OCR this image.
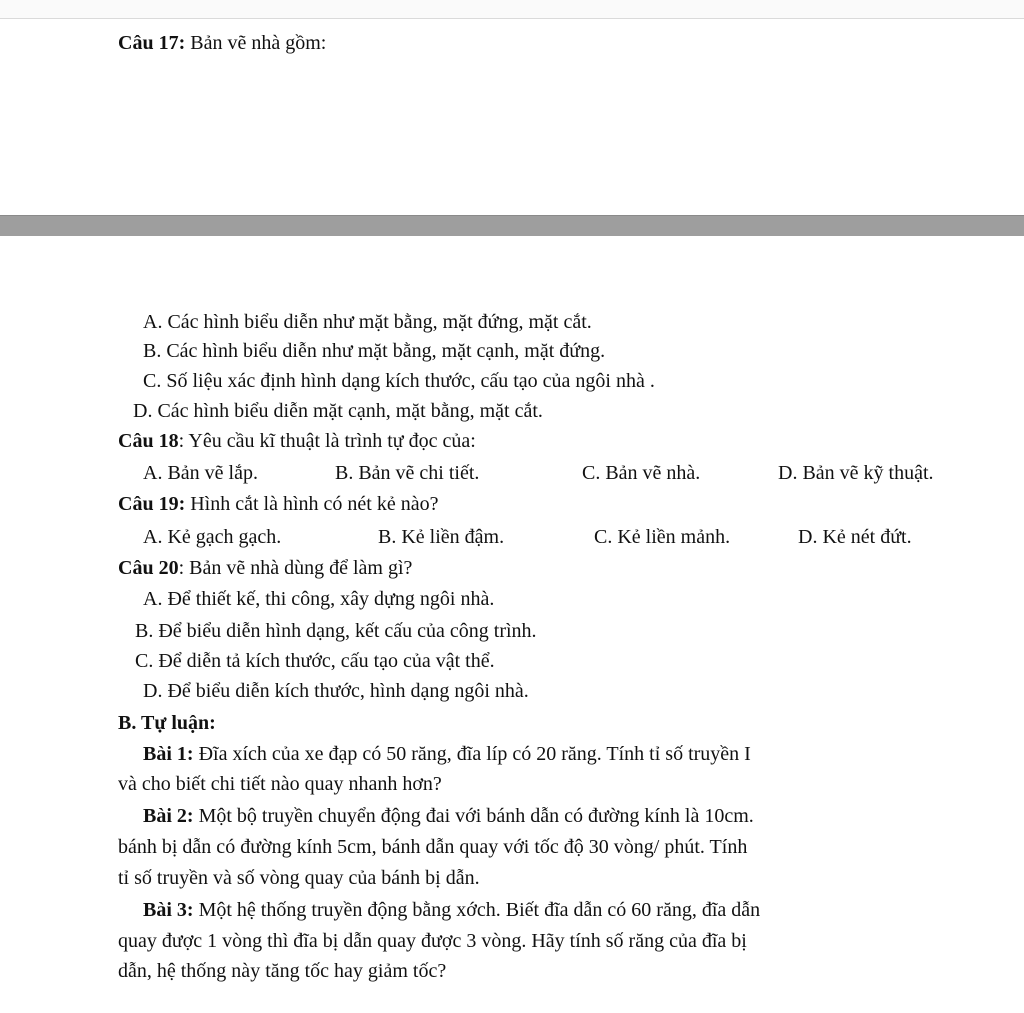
Câu 17: Bản vẽ nhà gồm:
A. Các hình biểu diễn như mặt bằng, mặt đứng, mặt cắt.
B. Các hình biểu diễn như mặt bằng, mặt cạnh, mặt đứng.
C. Số liệu xác định hình dạng kích thước, cấu tạo của ngôi nhà .
D. Các hình biểu diễn mặt cạnh, mặt bằng, mặt cắt.
Câu 18: Yêu cầu kĩ thuật là trình tự đọc của:
A. Bản vẽ lắp.	B. Bản vẽ chi tiết.	C. Bản vẽ nhà.	D. Bản vẽ kỹ thuật.
Câu 19: Hình cắt là hình có nét kẻ nào?
A. Kẻ gạch gạch.	B. Kẻ liền đậm.	C. Kẻ liền mảnh.	D. Kẻ nét đứt.
Câu 20: Bản vẽ nhà dùng để làm gì?
A. Để thiết kế, thi công, xây dựng ngôi nhà.
B. Để biểu diễn hình dạng, kết cấu của công trình.
C. Để diễn tả kích thước, cấu tạo của vật thể.
D. Để biểu diễn kích thước, hình dạng ngôi nhà.
B. Tự luận:
Bài 1: Đĩa xích của xe đạp có 50 răng, đĩa líp có 20 răng. Tính tỉ số truyền I
và cho biết chi tiết nào quay nhanh hơn?
Bài 2: Một bộ truyền chuyển động đai với bánh dẫn có đường kính là 10cm.
bánh bị dẫn có đường kính 5cm, bánh dẫn quay với tốc độ 30 vòng/ phút. Tính
tỉ số truyền và số vòng quay của bánh bị dẫn.
Bài 3: Một hệ thống truyền động bằng xớch. Biết đĩa dẫn có 60 răng, đĩa dẫn
quay được 1 vòng thì đĩa bị dẫn quay được 3 vòng. Hãy tính số răng của đĩa bị
dẫn, hệ thống này tăng tốc hay giảm tốc?
